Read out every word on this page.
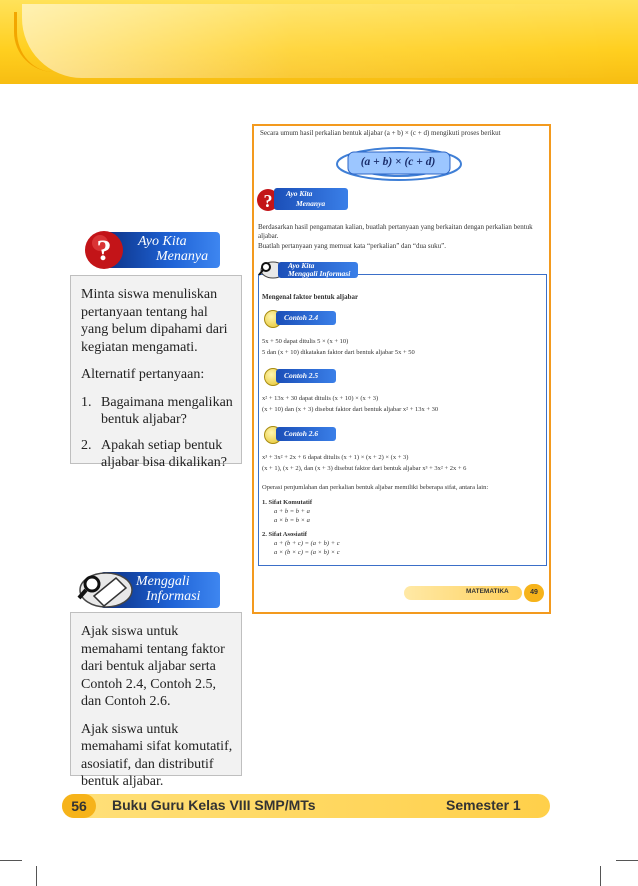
Minta siswa menuliskan pertanyaan tentang hal yang belum dipahami dari kegiatan mengamati.

Alternatif pertanyaan:

1. Bagaimana mengalikan bentuk aljabar?
2. Apakah setiap bentuk aljabar bisa dikalikan?
Ayo Kita
Menanya
?

Ajak siswa untuk memahami tentang faktor dari bentuk aljabar serta Contoh 2.4, Contoh 2.5, dan Contoh 2.6.

Ajak siswa untuk memahami sifat komutatif, asosiatif, dan distributif bentuk aljabar.

Menggali
Informasi
Secara umum hasil perkalian bentuk aljabar (a + b) × (c + d) mengikuti proses berikut
(a + b) × (c + d)
? Ayo Kita
Menanya
Berdasarkan hasil pengamatan kalian, buatlah pertanyaan yang berkaitan dengan perkalian bentuk aljabar.
Buatlah pertanyaan yang memuat kata “perkalian” dan “dua suku”.
Ayo Kita
Menggali Informasi
Mengenal faktor bentuk aljabar
Contoh 2.4
5x + 50 dapat ditulis 5 × (x + 10)
5 dan (x + 10) dikatakan faktor dari bentuk aljabar 5x + 50
Contoh 2.5
x² + 13x + 30 dapat ditulis (x + 10) × (x + 3)
(x + 10) dan (x + 3) disebut faktor dari bentuk aljabar x² + 13x + 30
Contoh 2.6
x³ + 3x² + 2x + 6 dapat ditulis (x + 1) × (x + 2) × (x + 3)
(x + 1), (x + 2), dan (x + 3) disebut faktor dari bentuk aljabar x³ + 3x² + 2x + 6
Operasi penjumlahan dan perkalian bentuk aljabar memiliki beberapa sifat, antara lain:
1. Sifat Komutatif
a + b = b + a
a × b = b × a
2. Sifat Asosiatif
a + (b + c) = (a + b) + c
a × (b × c) = (a × b) × c
MATEMATIKA	49
56	Buku Guru Kelas VIII SMP/MTs	Semester 1
